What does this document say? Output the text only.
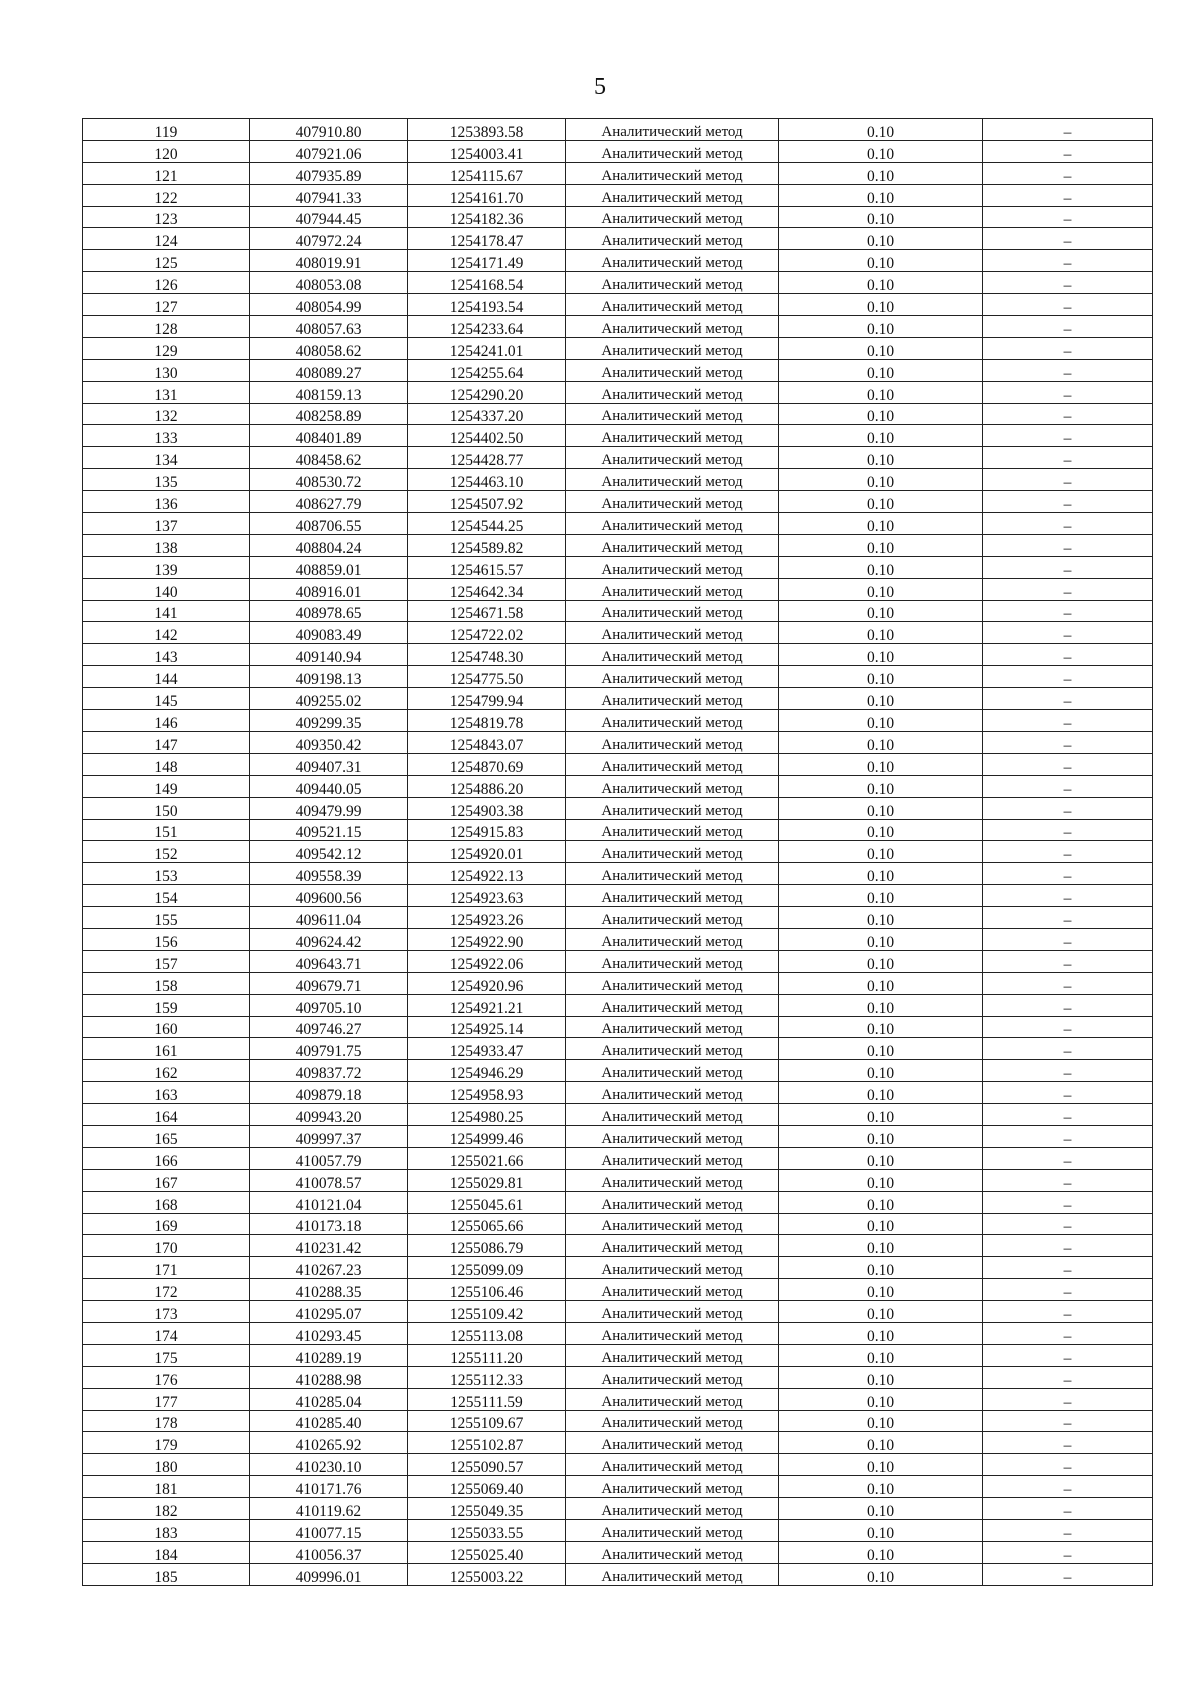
5
119	407910.80	1253893.58	Аналитический метод	0.10	–
120	407921.06	1254003.41	Аналитический метод	0.10	–
121	407935.89	1254115.67	Аналитический метод	0.10	–
122	407941.33	1254161.70	Аналитический метод	0.10	–
123	407944.45	1254182.36	Аналитический метод	0.10	–
124	407972.24	1254178.47	Аналитический метод	0.10	–
125	408019.91	1254171.49	Аналитический метод	0.10	–
126	408053.08	1254168.54	Аналитический метод	0.10	–
127	408054.99	1254193.54	Аналитический метод	0.10	–
128	408057.63	1254233.64	Аналитический метод	0.10	–
129	408058.62	1254241.01	Аналитический метод	0.10	–
130	408089.27	1254255.64	Аналитический метод	0.10	–
131	408159.13	1254290.20	Аналитический метод	0.10	–
132	408258.89	1254337.20	Аналитический метод	0.10	–
133	408401.89	1254402.50	Аналитический метод	0.10	–
134	408458.62	1254428.77	Аналитический метод	0.10	–
135	408530.72	1254463.10	Аналитический метод	0.10	–
136	408627.79	1254507.92	Аналитический метод	0.10	–
137	408706.55	1254544.25	Аналитический метод	0.10	–
138	408804.24	1254589.82	Аналитический метод	0.10	–
139	408859.01	1254615.57	Аналитический метод	0.10	–
140	408916.01	1254642.34	Аналитический метод	0.10	–
141	408978.65	1254671.58	Аналитический метод	0.10	–
142	409083.49	1254722.02	Аналитический метод	0.10	–
143	409140.94	1254748.30	Аналитический метод	0.10	–
144	409198.13	1254775.50	Аналитический метод	0.10	–
145	409255.02	1254799.94	Аналитический метод	0.10	–
146	409299.35	1254819.78	Аналитический метод	0.10	–
147	409350.42	1254843.07	Аналитический метод	0.10	–
148	409407.31	1254870.69	Аналитический метод	0.10	–
149	409440.05	1254886.20	Аналитический метод	0.10	–
150	409479.99	1254903.38	Аналитический метод	0.10	–
151	409521.15	1254915.83	Аналитический метод	0.10	–
152	409542.12	1254920.01	Аналитический метод	0.10	–
153	409558.39	1254922.13	Аналитический метод	0.10	–
154	409600.56	1254923.63	Аналитический метод	0.10	–
155	409611.04	1254923.26	Аналитический метод	0.10	–
156	409624.42	1254922.90	Аналитический метод	0.10	–
157	409643.71	1254922.06	Аналитический метод	0.10	–
158	409679.71	1254920.96	Аналитический метод	0.10	–
159	409705.10	1254921.21	Аналитический метод	0.10	–
160	409746.27	1254925.14	Аналитический метод	0.10	–
161	409791.75	1254933.47	Аналитический метод	0.10	–
162	409837.72	1254946.29	Аналитический метод	0.10	–
163	409879.18	1254958.93	Аналитический метод	0.10	–
164	409943.20	1254980.25	Аналитический метод	0.10	–
165	409997.37	1254999.46	Аналитический метод	0.10	–
166	410057.79	1255021.66	Аналитический метод	0.10	–
167	410078.57	1255029.81	Аналитический метод	0.10	–
168	410121.04	1255045.61	Аналитический метод	0.10	–
169	410173.18	1255065.66	Аналитический метод	0.10	–
170	410231.42	1255086.79	Аналитический метод	0.10	–
171	410267.23	1255099.09	Аналитический метод	0.10	–
172	410288.35	1255106.46	Аналитический метод	0.10	–
173	410295.07	1255109.42	Аналитический метод	0.10	–
174	410293.45	1255113.08	Аналитический метод	0.10	–
175	410289.19	1255111.20	Аналитический метод	0.10	–
176	410288.98	1255112.33	Аналитический метод	0.10	–
177	410285.04	1255111.59	Аналитический метод	0.10	–
178	410285.40	1255109.67	Аналитический метод	0.10	–
179	410265.92	1255102.87	Аналитический метод	0.10	–
180	410230.10	1255090.57	Аналитический метод	0.10	–
181	410171.76	1255069.40	Аналитический метод	0.10	–
182	410119.62	1255049.35	Аналитический метод	0.10	–
183	410077.15	1255033.55	Аналитический метод	0.10	–
184	410056.37	1255025.40	Аналитический метод	0.10	–
185	409996.01	1255003.22	Аналитический метод	0.10	–
